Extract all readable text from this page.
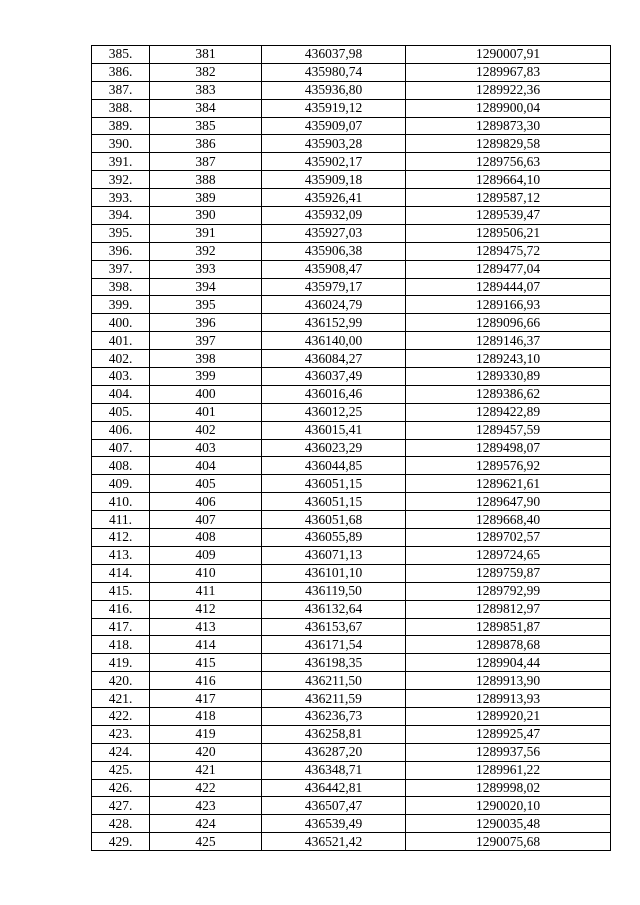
385.	381	436037,98	1290007,91
386.	382	435980,74	1289967,83
387.	383	435936,80	1289922,36
388.	384	435919,12	1289900,04
389.	385	435909,07	1289873,30
390.	386	435903,28	1289829,58
391.	387	435902,17	1289756,63
392.	388	435909,18	1289664,10
393.	389	435926,41	1289587,12
394.	390	435932,09	1289539,47
395.	391	435927,03	1289506,21
396.	392	435906,38	1289475,72
397.	393	435908,47	1289477,04
398.	394	435979,17	1289444,07
399.	395	436024,79	1289166,93
400.	396	436152,99	1289096,66
401.	397	436140,00	1289146,37
402.	398	436084,27	1289243,10
403.	399	436037,49	1289330,89
404.	400	436016,46	1289386,62
405.	401	436012,25	1289422,89
406.	402	436015,41	1289457,59
407.	403	436023,29	1289498,07
408.	404	436044,85	1289576,92
409.	405	436051,15	1289621,61
410.	406	436051,15	1289647,90
411.	407	436051,68	1289668,40
412.	408	436055,89	1289702,57
413.	409	436071,13	1289724,65
414.	410	436101,10	1289759,87
415.	411	436119,50	1289792,99
416.	412	436132,64	1289812,97
417.	413	436153,67	1289851,87
418.	414	436171,54	1289878,68
419.	415	436198,35	1289904,44
420.	416	436211,50	1289913,90
421.	417	436211,59	1289913,93
422.	418	436236,73	1289920,21
423.	419	436258,81	1289925,47
424.	420	436287,20	1289937,56
425.	421	436348,71	1289961,22
426.	422	436442,81	1289998,02
427.	423	436507,47	1290020,10
428.	424	436539,49	1290035,48
429.	425	436521,42	1290075,68
